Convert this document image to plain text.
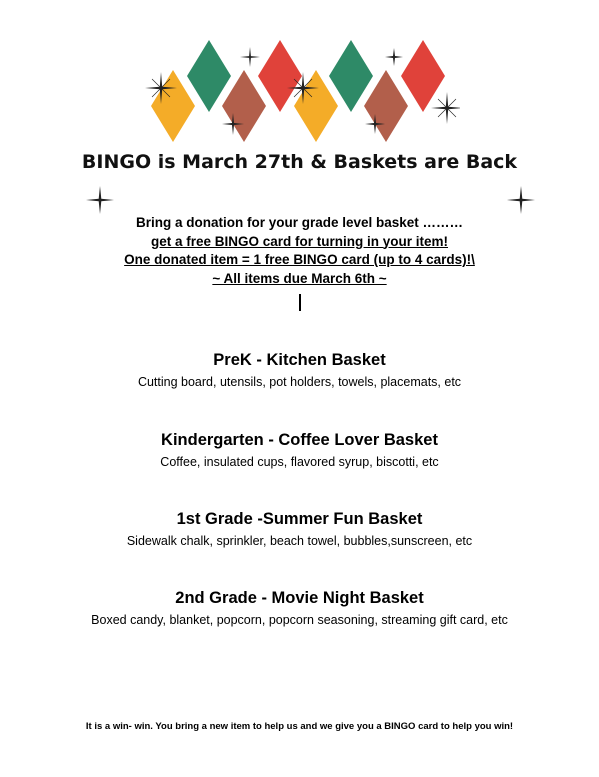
BINGO is March 27th & Baskets are Back
Bring a donation for your grade level basket ………
get a free BINGO card for turning in your item!
One donated item = 1 free BINGO card (up to 4 cards)!\
~ All items due March 6th ~
PreK - Kitchen Basket
Cutting board, utensils, pot holders, towels, placemats, etc
Kindergarten - Coffee Lover Basket
Coffee, insulated cups, flavored syrup, biscotti, etc
1st Grade -Summer Fun Basket
Sidewalk chalk, sprinkler, beach towel, bubbles,sunscreen, etc
2nd Grade - Movie Night Basket
Boxed candy, blanket, popcorn, popcorn seasoning, streaming gift card, etc
It is a win- win. You bring a new item to help us and we give you a BINGO card to help you win!
